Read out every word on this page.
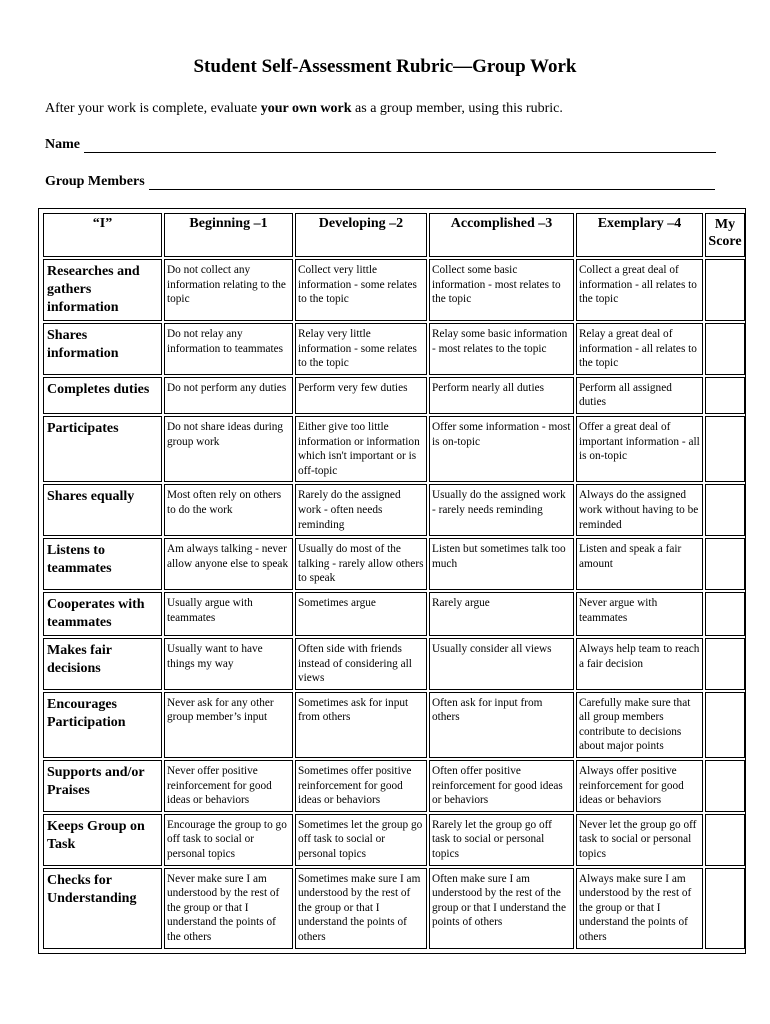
Student Self-Assessment Rubric—Group Work
After your work is complete, evaluate your own work as a group member, using this rubric.
Name
Group Members
“I”	Beginning –1	Developing –2	Accomplished –3	Exemplary –4	My Score
Researches and gathers information	Do not collect any information relating to the topic	Collect very little information - some relates to the topic	Collect some basic information - most relates to the topic	Collect a great deal of information - all relates to the topic	
Shares information	Do not relay any information to teammates	Relay very little information - some relates to the topic	Relay some basic information - most relates to the topic	Relay a great deal of information - all relates to the topic	
Completes duties	Do not perform any duties	Perform very few duties	Perform nearly all duties	Perform all assigned duties	
Participates	Do not share ideas during group work	Either give too little information or information which isn't important or is off-topic	Offer some information - most is on-topic	Offer a great deal of important information - all is on-topic	
Shares equally	Most often rely on others to do the work	Rarely do the assigned work - often needs reminding	Usually do the assigned work - rarely needs reminding	Always do the assigned work without having to be reminded	
Listens to teammates	Am always talking - never allow anyone else to speak	Usually do most of the talking - rarely allow others to speak	Listen but sometimes talk too much	Listen and speak a fair amount	
Cooperates with teammates	Usually argue with teammates	Sometimes argue	Rarely argue	Never argue with teammates	
Makes fair decisions	Usually want to have things my way	Often side with friends instead of considering all views	Usually consider all views	Always help team to reach a fair decision	
Encourages Participation	Never ask for any other group member’s input	Sometimes ask for input from others	Often ask for input from others	Carefully make sure that all group members contribute to decisions about major points	
Supports and/or Praises	Never offer positive reinforcement for good ideas or behaviors	Sometimes offer positive reinforcement for good ideas or behaviors	Often offer positive reinforcement for good ideas or behaviors	Always offer positive reinforcement for good ideas or behaviors	
Keeps Group on Task	Encourage the group to go off task to social or personal topics	Sometimes let the group go off task to social or personal topics	Rarely let the group go off task to social or personal topics	Never let the group go off task to social or personal topics	
Checks for Understanding	Never make sure I am understood by the rest of the group or that I understand the points of the others	Sometimes make sure I am understood by the rest of the group or that I understand the points of others	Often make sure I am understood by the rest of the group or that I understand the points of others	Always make sure I am understood by the rest of the group or that I understand the points of others	
